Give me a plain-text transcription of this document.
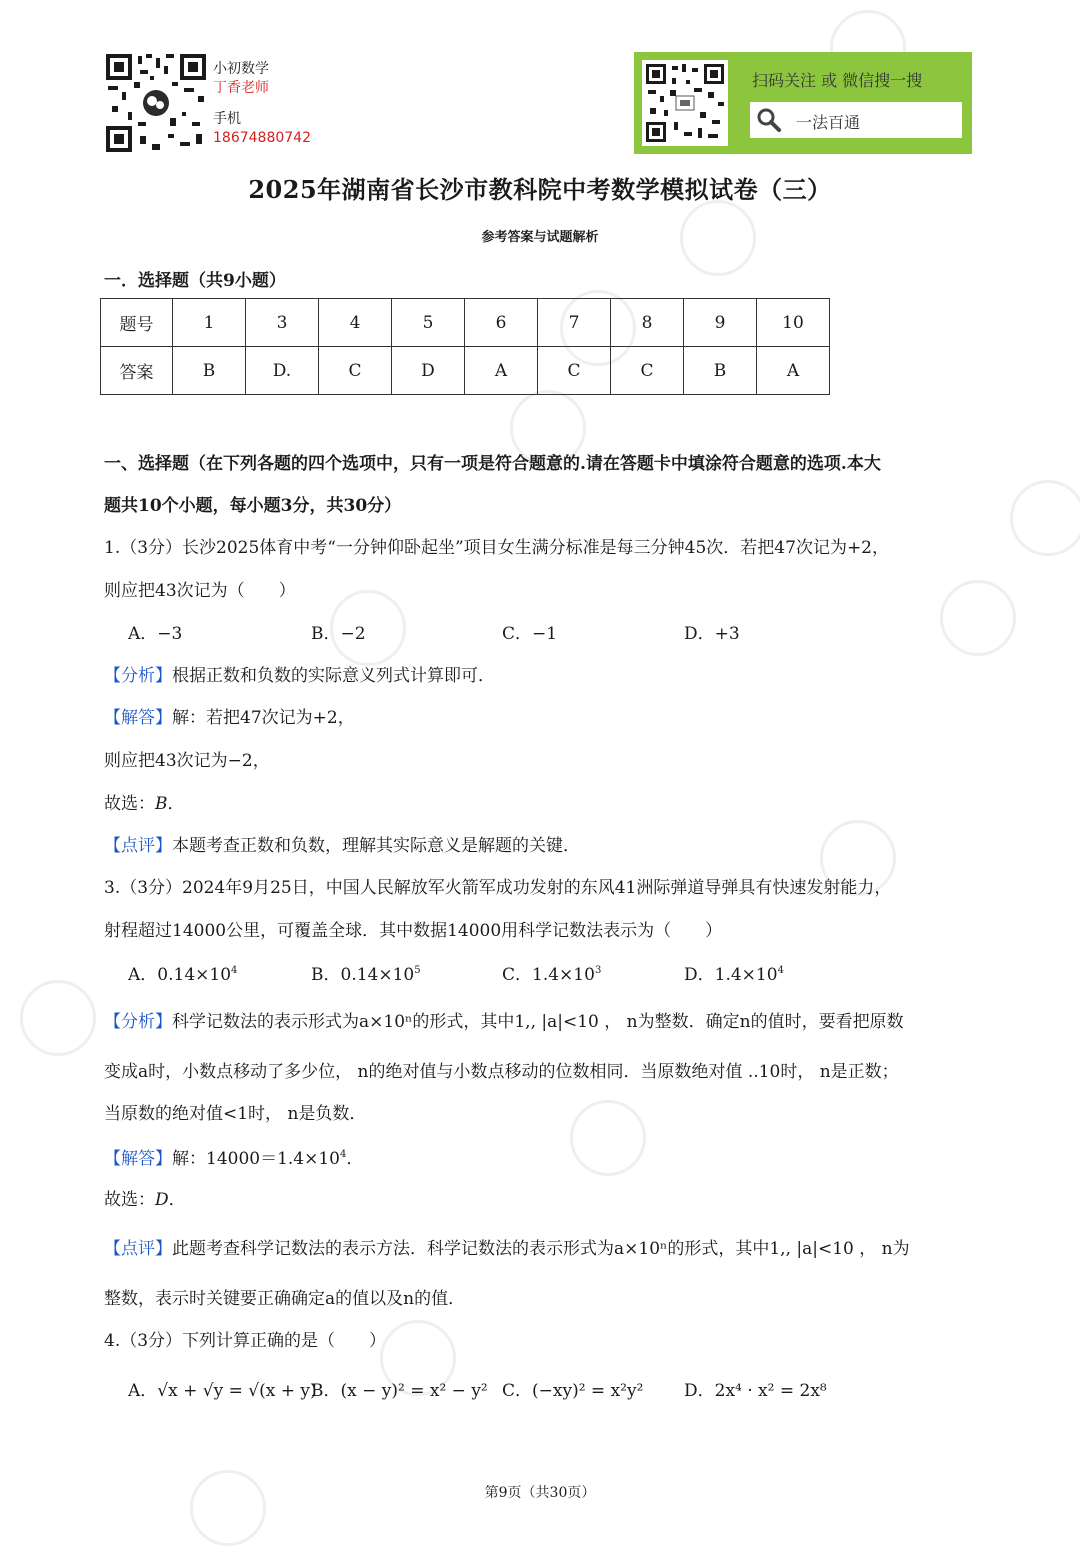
小初数学
丁香老师
手机
18674880742
扫码关注 或 微信搜一搜
一法百通
2025年湖南省长沙市教科院中考数学模拟试卷（三）
参考答案与试题解析
一．选择题（共9小题）
题号	1	3	4	5	6	7	8	9	10
答案	B	D.	C	D	A	C	C	B	A
一、选择题（在下列各题的四个选项中，只有一项是符合题意的.请在答题卡中填涂符合题意的选项.本大
题共10个小题，每小题3分，共30分）
1.（3分）长沙2025体育中考“一分钟仰卧起坐”项目女生满分标准是每三分钟45次．若把47次记为+2，
则应把43次记为（　　）
A．−3	B．−2	C．−1	D．+3
【分析】根据正数和负数的实际意义列式计算即可．
【解答】解：若把47次记为+2，
则应把43次记为−2，
故选：B．
【点评】本题考查正数和负数，理解其实际意义是解题的关键．
3.（3分）2024年9月25日，中国人民解放军火箭军成功发射的东风41洲际弹道导弹具有快速发射能力，
射程超过14000公里，可覆盖全球．其中数据14000用科学记数法表示为（　　）
A．$0.14\times 10^4$	B．$0.14\times 10^5$	C．$1.4\times 10^3$	D．$1.4\times 10^4$
【分析】科学记数法的表示形式为a×10ⁿ的形式，其中1,, |a|<10 ， n为整数．确定n的值时，要看把原数
变成a时，小数点移动了多少位， n的绝对值与小数点移动的位数相同．当原数绝对值 ..10时， n是正数；
当原数的绝对值<1时， n是负数．
【解答】解：$14000=1.4\times 10^4$．
故选：D．
【点评】此题考查科学记数法的表示方法．科学记数法的表示形式为a×10ⁿ的形式，其中1,, |a|<10 ， n为
整数，表示时关键要正确确定a的值以及n的值．
4.（3分）下列计算正确的是（　　）
A．√x + √y = √(x + y)
B．(x − y)² = x² − y² C．(−xy)² = x²y² D．2x⁴ · x² = 2x⁸
第9页（共30页）
